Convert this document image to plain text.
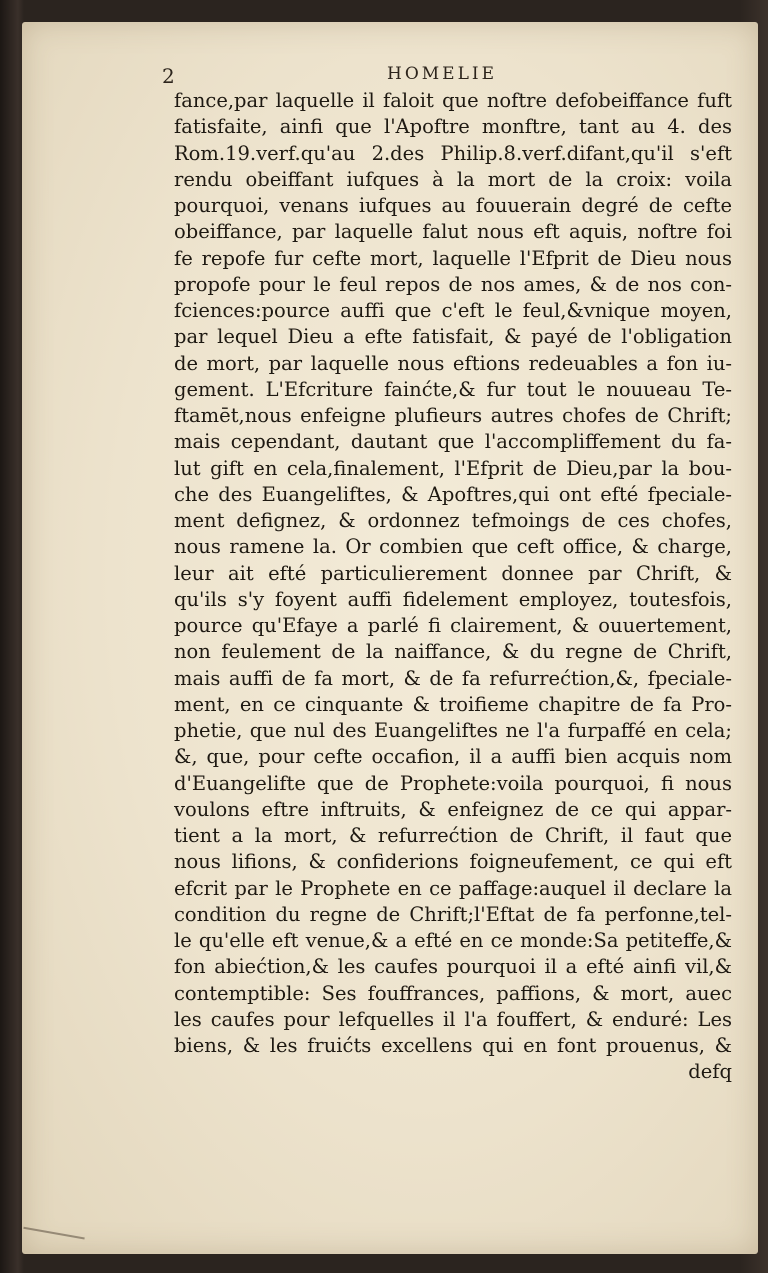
2	HOMELIE
fance,par laquelle il faloit que noftre defobeiffance fuft
fatisfaite, ainfi que l'Apoftre monftre, tant au 4. des
Rom.19.verf.qu'au 2.des Philip.8.verf.difant,qu'il s'eft
rendu obeiffant iufques à la mort de la croix: voila
pourquoi, venans iufques au fouuerain degré de cefte
obeiffance, par laquelle falut nous eft aquis, noftre foi
fe repofe fur cefte mort, laquelle l'Efprit de Dieu nous
propofe pour le feul repos de nos ames, & de nos con-
fciences:pource auffi que c'eft le feul,&vnique moyen,
par lequel Dieu a efte fatisfait, & payé de l'obligation
de mort, par laquelle nous eftions redeuables a fon iu-
gement. L'Efcriture fainćte,& fur tout le nouueau Te-
ftamēt,nous enfeigne plufieurs autres chofes de Chrift;
mais cependant, dautant que l'accompliffement du fa-
lut gift en cela,finalement, l'Efprit de Dieu,par la bou-
che des Euangeliftes, & Apoftres,qui ont efté fpeciale-
ment defignez, & ordonnez tefmoings de ces chofes,
nous ramene la. Or combien que ceft office, & charge,
leur ait efté particulierement donnee par Chrift, &
qu'ils s'y foyent auffi fidelement employez, toutesfois,
pource qu'Efaye a parlé fi clairement, & ouuertement,
non feulement de la naiffance, & du regne de Chrift,
mais auffi de fa mort, & de fa refurrećtion,&, fpeciale-
ment, en ce cinquante & troifieme chapitre de fa Pro-
phetie, que nul des Euangeliftes ne l'a furpaffé en cela;
&, que, pour cefte occafion, il a auffi bien acquis nom
d'Euangelifte que de Prophete:voila pourquoi, fi nous
voulons eftre inftruits, & enfeignez de ce qui appar-
tient a la mort, & refurrećtion de Chrift, il faut que
nous lifions, & confiderions foigneufement, ce qui eft
efcrit par le Prophete en ce paffage:auquel il declare la
condition du regne de Chrift;l'Eftat de fa perfonne,tel-
le qu'elle eft venue,& a efté en ce monde:Sa petiteffe,&
fon abiećtion,& les caufes pourquoi il a efté ainfi vil,&
contemptible: Ses fouffrances, paffions, & mort, auec
les caufes pour lefquelles il l'a fouffert, & enduré: Les
biens, & les fruićts excellens qui en font prouenus, &
defq
